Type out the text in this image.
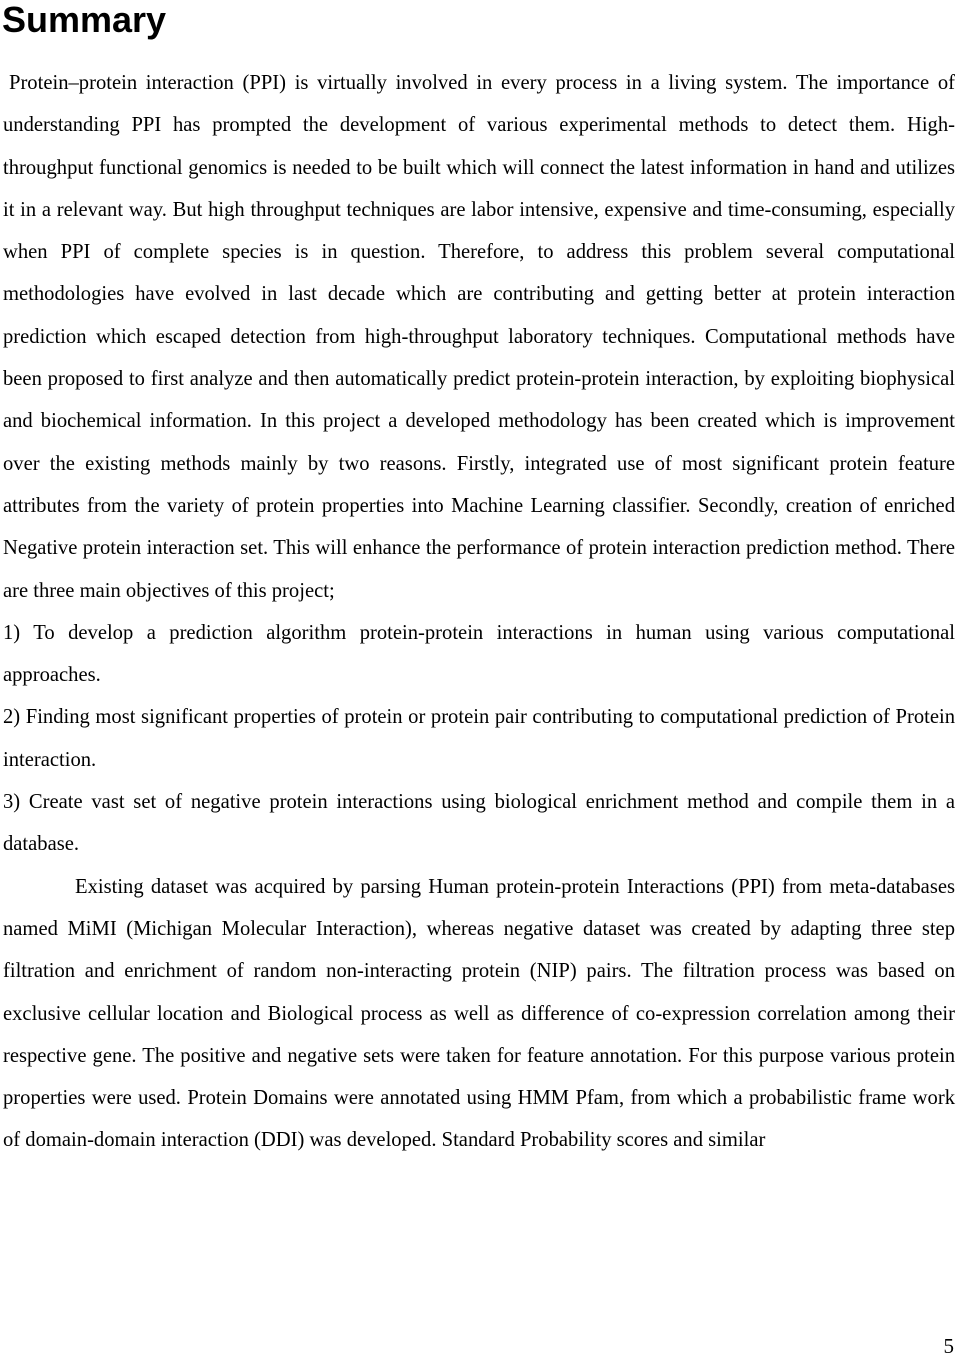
Summary

Protein–protein interaction (PPI) is virtually involved in every process in a living system. The importance of understanding PPI has prompted the development of various experimental methods to detect them. High-throughput functional genomics is needed to be built which will connect the latest information in hand and utilizes it in a relevant way. But high throughput techniques are labor intensive, expensive and time-consuming, especially when PPI of complete species is in question. Therefore, to address this problem several computational methodologies have evolved in last decade which are contributing and getting better at protein interaction prediction which escaped detection from high-throughput laboratory techniques. Computational methods have been proposed to first analyze and then automatically predict protein-protein interaction, by exploiting biophysical and biochemical information. In this project a developed methodology has been created which is improvement over the existing methods mainly by two reasons. Firstly, integrated use of most significant protein feature attributes from the variety of protein properties into Machine Learning classifier. Secondly, creation of enriched Negative protein interaction set. This will enhance the performance of protein interaction prediction method. There are three main objectives of this project;

1) To develop a prediction algorithm protein-protein interactions in human using various computational approaches.

2) Finding most significant properties of protein or protein pair contributing to computational prediction of Protein interaction.

3) Create vast set of negative protein interactions using biological enrichment method and compile them in a database.

Existing dataset was acquired by parsing Human protein-protein Interactions (PPI) from meta-databases named MiMI (Michigan Molecular Interaction), whereas negative dataset was created by adapting three step filtration and enrichment of random non-interacting protein (NIP) pairs. The filtration process was based on exclusive cellular location and Biological process as well as difference of co-expression correlation among their respective gene. The positive and negative sets were taken for feature annotation. For this purpose various protein properties were used. Protein Domains were annotated using HMM Pfam, from which a probabilistic frame work of domain-domain interaction (DDI) was developed. Standard Probability scores and similar

5
